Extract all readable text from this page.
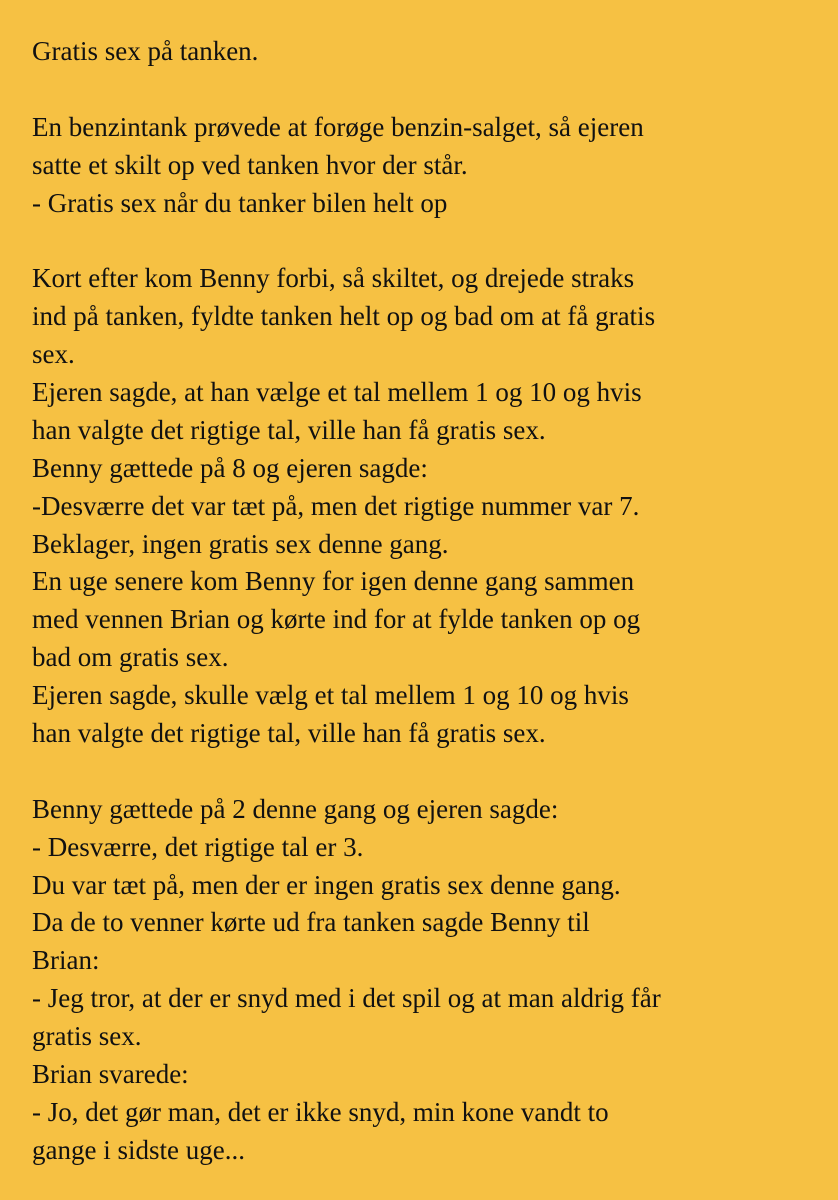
Gratis sex på tanken.
En benzintank prøvede at forøge benzin-salget, så ejeren
satte et skilt op ved tanken hvor der står.
- Gratis sex når du tanker bilen helt op
Kort efter kom Benny forbi, så skiltet, og drejede straks
ind på tanken, fyldte tanken helt op og bad om at få gratis
sex.
Ejeren sagde, at han vælge et tal mellem 1 og 10 og hvis
han valgte det rigtige tal, ville han få gratis sex.
Benny gættede på 8 og ejeren sagde:
-Desværre det var tæt på, men det rigtige nummer var 7.
Beklager, ingen gratis sex denne gang.
En uge senere kom Benny for igen denne gang sammen
med vennen Brian og kørte ind for at fylde tanken op og
bad om gratis sex.
Ejeren sagde, skulle vælg et tal mellem 1 og 10 og hvis
han valgte det rigtige tal, ville han få gratis sex.
Benny gættede på 2 denne gang og ejeren sagde:
- Desværre, det rigtige tal er 3.
Du var tæt på, men der er ingen gratis sex denne gang.
Da de to venner kørte ud fra tanken sagde Benny til
Brian:
- Jeg tror, at der er snyd med i det spil og at man aldrig får
gratis sex.
Brian svarede:
- Jo, det gør man, det er ikke snyd, min kone vandt to
gange i sidste uge...
